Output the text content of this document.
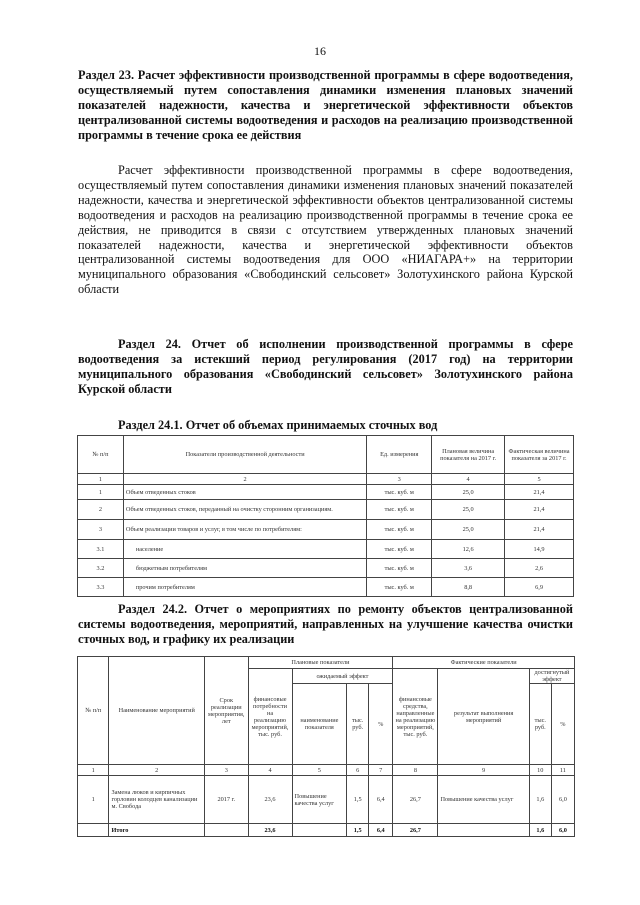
16
Раздел 23. Расчет эффективности производственной программы в сфере водоотведения, осуществляемый путем сопоставления динамики изменения плановых значений показателей надежности, качества и энергетической эффективности объектов централизованной системы водоотведения и расходов на реализацию производственной программы в течение срока ее действия
Расчет эффективности производственной программы в сфере водоотведения, осуществляемый путем сопоставления динамики изменения плановых значений показателей надежности, качества и энергетической эффективности объектов централизованной системы водоотведения и расходов на реализацию производственной программы в течение срока ее действия, не приводится в связи с отсутствием утвержденных плановых значений показателей надежности, качества и энергетической эффективности объектов централизованной системы водоотведения для ООО «НИАГАРА+» на территории муниципального образования «Свободинский сельсовет» Золотухинского района Курской области
Раздел 24. Отчет об исполнении производственной программы в сфере водоотведения за истекший период регулирования (2017 год) на территории муниципального образования «Свободинский сельсовет» Золотухинского района Курской области
Раздел 24.1. Отчет об объемах принимаемых сточных вод
№ п/п	Показатели производственной деятельности	Ед. измерения	Плановая величина показателя на 2017 г.	Фактическая величина показателя за 2017 г.
1	2	3	4	5
1	Объем отведенных стоков	тыс. куб. м	25,0	21,4
2	Объем отведенных стоков, переданный на очистку сторонним организациям.	тыс. куб. м	25,0	21,4
3	Объем реализации товаров и услуг, в том числе по потребителям:	тыс. куб. м	25,0	21,4
3.1	население	тыс. куб. м	12,6	14,9
3.2	бюджетным потребителям	тыс. куб. м	3,6	2,6
3.3	прочим потребителям	тыс. куб. м	8,8	6,9
Раздел 24.2. Отчет о мероприятиях по ремонту объектов централизованной системы водоотведения, мероприятий, направленных на улучшение качества очистки сточных вод, и графику их реализации
№ п/п	Наименование мероприятий	Срок реализации мероприятия, лет	Плановые показатели				Фактические показатели			
			финансовые потребности на реализацию мероприятий, тыс. руб.	ожидаемый эффект			финансовые средства, направленные на реализацию мероприятий, тыс. руб.	результат выполнения мероприятий	достигнутый эффект	
				наименование показателя	тыс. руб.	%			тыс. руб.	%
1	2	3	4	5	6	7	8	9	10	11
1	Замена люков и кирпичных горловин колодцев канализации м. Свобода	2017 г.	23,6	Повышение качества услуг	1,5	6,4	26,7	Повышение качества услуг	1,6	6,0
	Итого		23,6		1,5	6,4	26,7		1,6	6,0
